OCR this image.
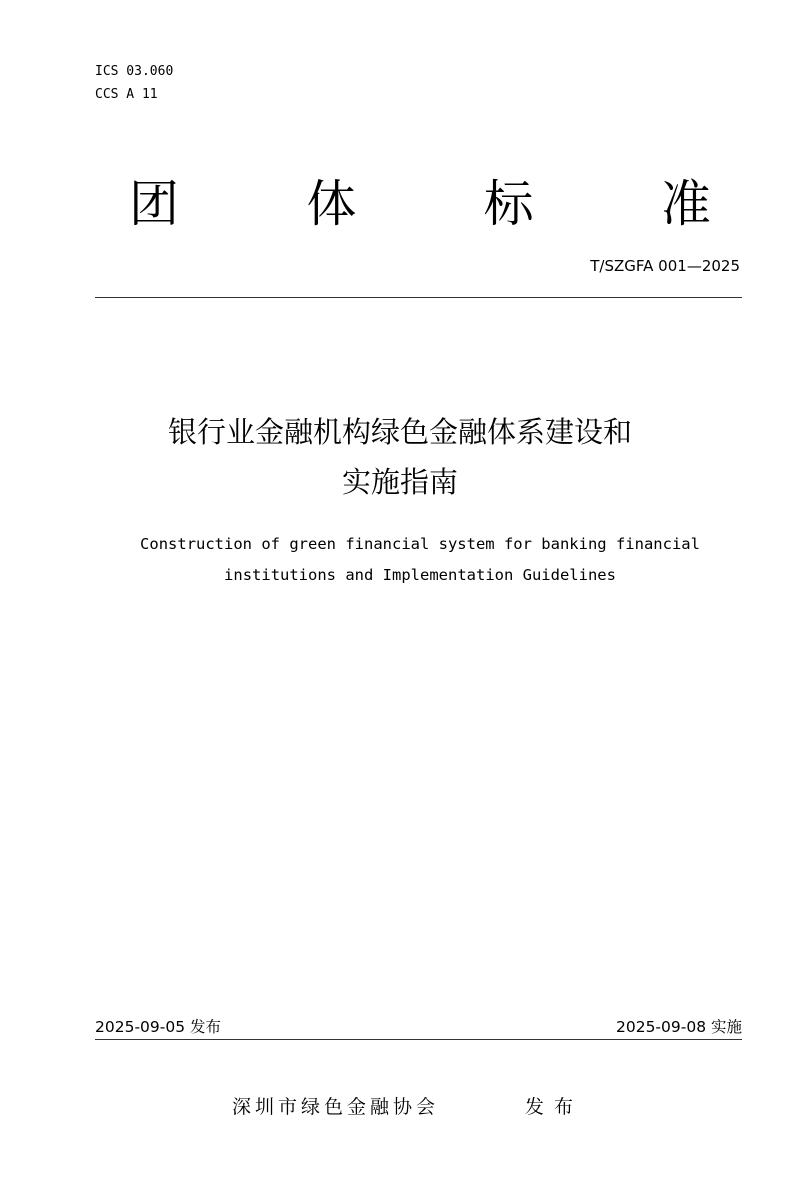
ICS 03.060
CCS A 11
团	体	标	准
T/SZGFA 001—2025
银行业金融机构绿色金融体系建设和
实施指南
Construction of green financial system for banking financial
institutions and Implementation Guidelines
2025-09-05 发布	2025-09-08 实施
深圳市绿色金融协会	发布
